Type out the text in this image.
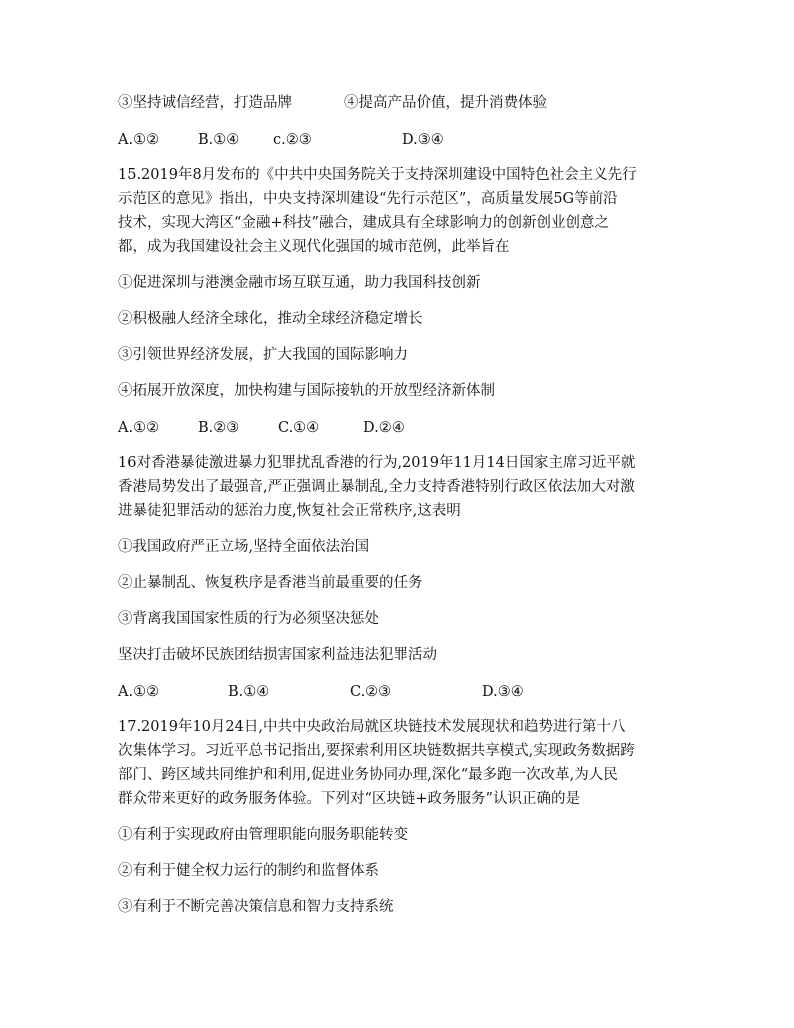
③坚持诚信经营，打造品牌	④提高产品价值，提升消费体验
A.①②	B.①④ c.②③	D.③④
15.2019年8月发布的《中共中央国务院关于支持深圳建设中国特色社会主义先行
示范区的意见》指出，中央支持深圳建设“先行示范区”，高质量发展5G等前沿
技术，实现大湾区“金融+科技”融合，建成具有全球影响力的创新创业创意之
都，成为我国建设社会主义现代化强国的城市范例，此举旨在
①促进深圳与港澳金融市场互联互通，助力我国科技创新
②积极融人经济全球化，推动全球经济稳定增长
③引领世界经济发展，扩大我国的国际影响力
④拓展开放深度，加快构建与国际接轨的开放型经济新体制
A.①②	B.②③	C.①④	D.②④
16对香港暴徒激进暴力犯罪扰乱香港的行为,2019年11月14日国家主席习近平就
香港局势发出了最强音,严正强调止暴制乱,全力支持香港特别行政区依法加大对激
进暴徒犯罪活动的惩治力度,恢复社会正常秩序,这表明
①我国政府严正立场,坚持全面依法治国
②止暴制乱、恢复秩序是香港当前最重要的任务
③背离我国国家性质的行为必须坚决惩处
坚决打击破坏民族团结损害国家利益违法犯罪活动
A.①②	B.①④	C.②③	D.③④
17.2019年10月24日,中共中央政治局就区块链技术发展现状和趋势进行第十八
次集体学习。习近平总书记指出,要探索利用区块链数据共享模式,实现政务数据跨
部门、跨区域共同维护和利用,促进业务协同办理,深化“最多跑一次改革,为人民
群众带来更好的政务服务体验。下列对“区块链+政务服务”认识正确的是
①有利于实现政府由管理职能向服务职能转变
②有利于健全权力运行的制约和监督体系
③有利于不断完善决策信息和智力支持系统
